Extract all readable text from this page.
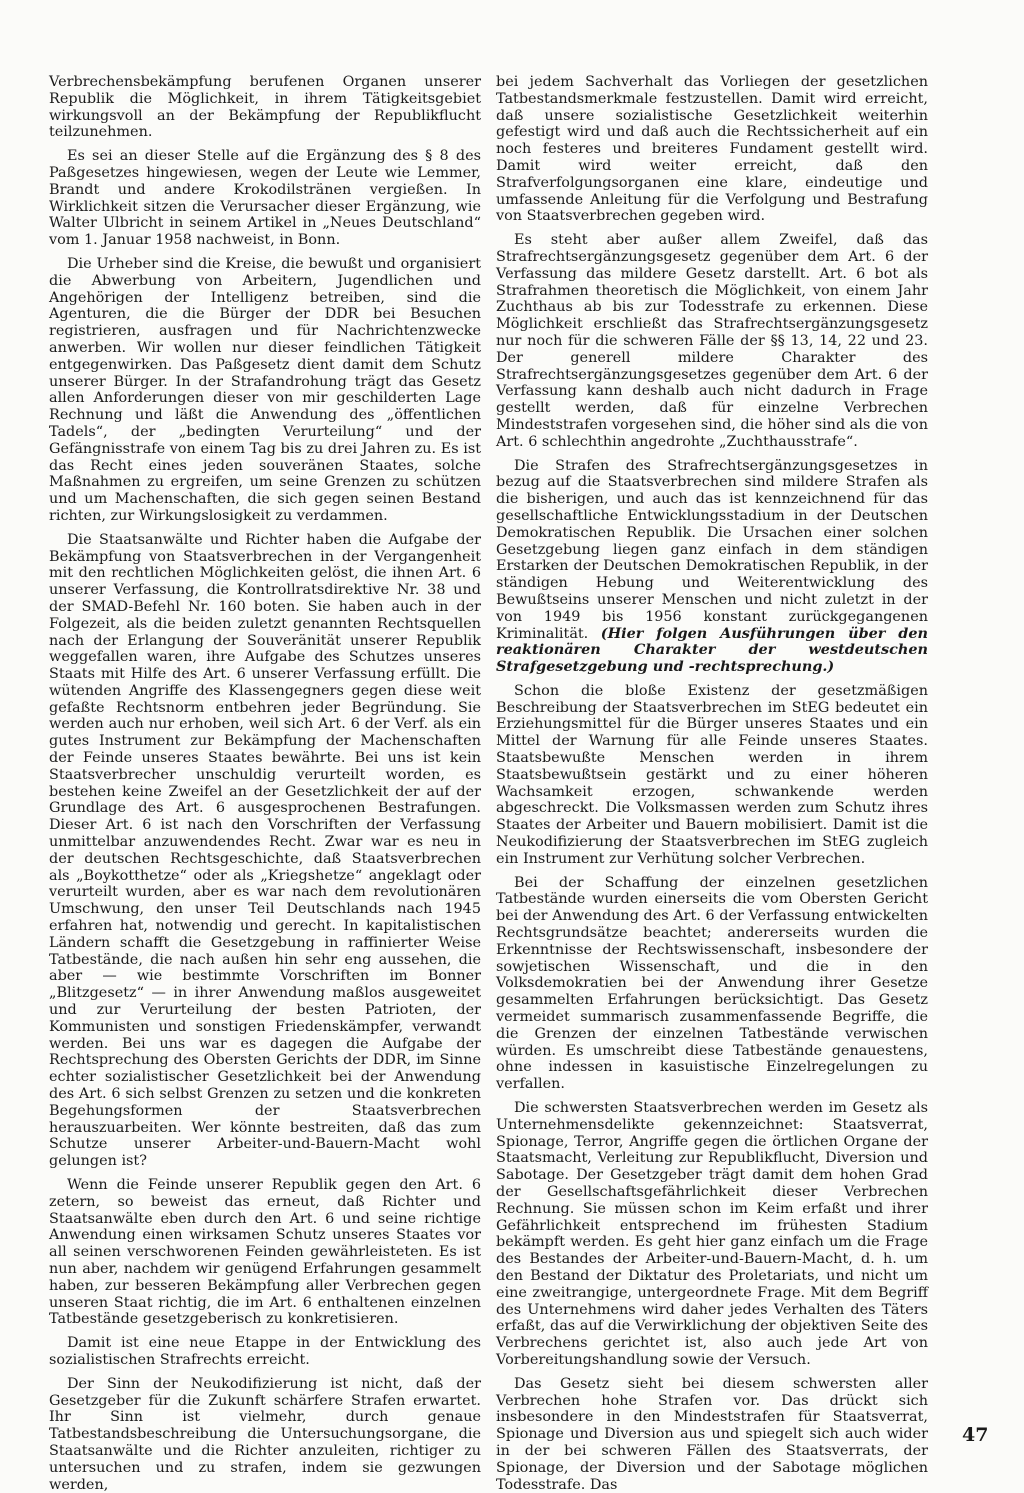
Verbrechensbekämpfung berufenen Organen unserer Republik die Möglichkeit, in ihrem Tätigkeitsgebiet wirkungsvoll an der Bekämpfung der Republikflucht teilzunehmen.

Es sei an dieser Stelle auf die Ergänzung des § 8 des Paßgesetzes hingewiesen, wegen der Leute wie Lemmer, Brandt und andere Krokodilstränen vergießen. In Wirklichkeit sitzen die Verursacher dieser Ergänzung, wie Walter Ulbricht in seinem Artikel in „Neues Deutschland“ vom 1. Januar 1958 nachweist, in Bonn.

Die Urheber sind die Kreise, die bewußt und organisiert die Abwerbung von Arbeitern, Jugendlichen und Angehörigen der Intelligenz betreiben, sind die Agenturen, die die Bürger der DDR bei Besuchen registrieren, ausfragen und für Nachrichtenzwecke anwerben. Wir wollen nur dieser feindlichen Tätigkeit entgegenwirken. Das Paßgesetz dient damit dem Schutz unserer Bürger. In der Strafandrohung trägt das Gesetz allen Anforderungen dieser von mir geschilderten Lage Rechnung und läßt die Anwendung des „öffentlichen Tadels“, der „bedingten Verurteilung“ und der Gefängnisstrafe von einem Tag bis zu drei Jahren zu. Es ist das Recht eines jeden souveränen Staates, solche Maßnahmen zu ergreifen, um seine Grenzen zu schützen und um Machenschaften, die sich gegen seinen Bestand richten, zur Wirkungslosigkeit zu verdammen.

Die Staatsanwälte und Richter haben die Aufgabe der Bekämpfung von Staatsverbrechen in der Vergangenheit mit den rechtlichen Möglichkeiten gelöst, die ihnen Art. 6 unserer Verfassung, die Kontrollratsdirektive Nr. 38 und der SMAD-Befehl Nr. 160 boten. Sie haben auch in der Folgezeit, als die beiden zuletzt genannten Rechtsquellen nach der Erlangung der Souveränität unserer Republik weggefallen waren, ihre Aufgabe des Schutzes unseres Staats mit Hilfe des Art. 6 unserer Verfassung erfüllt. Die wütenden Angriffe des Klassengegners gegen diese weit gefaßte Rechtsnorm entbehren jeder Begründung. Sie werden auch nur erhoben, weil sich Art. 6 der Verf. als ein gutes Instrument zur Bekämpfung der Machenschaften der Feinde unseres Staates bewährte. Bei uns ist kein Staatsverbrecher unschuldig verurteilt worden, es bestehen keine Zweifel an der Gesetzlichkeit der auf der Grundlage des Art. 6 ausgesprochenen Bestrafungen. Dieser Art. 6 ist nach den Vorschriften der Verfassung unmittelbar anzuwendendes Recht. Zwar war es neu in der deutschen Rechtsgeschichte, daß Staatsverbrechen als „Boykotthetze“ oder als „Kriegshetze“ angeklagt oder verurteilt wurden, aber es war nach dem revolutionären Umschwung, den unser Teil Deutschlands nach 1945 erfahren hat, notwendig und gerecht. In kapitalistischen Ländern schafft die Gesetzgebung in raffinierter Weise Tatbestände, die nach außen hin sehr eng aussehen, die aber — wie bestimmte Vorschriften im Bonner „Blitzgesetz“ — in ihrer Anwendung maßlos ausgeweitet und zur Verurteilung der besten Patrioten, der Kommunisten und sonstigen Friedenskämpfer, verwandt werden. Bei uns war es dagegen die Aufgabe der Rechtsprechung des Obersten Gerichts der DDR, im Sinne echter sozialistischer Gesetzlichkeit bei der Anwendung des Art. 6 sich selbst Grenzen zu setzen und die konkreten Begehungsformen der Staatsverbrechen herauszuarbeiten. Wer könnte bestreiten, daß das zum Schutze unserer Arbeiter-und-Bauern-Macht wohl gelungen ist?

Wenn die Feinde unserer Republik gegen den Art. 6 zetern, so beweist das erneut, daß Richter und Staatsanwälte eben durch den Art. 6 und seine richtige Anwendung einen wirksamen Schutz unseres Staates vor all seinen verschworenen Feinden gewährleisteten. Es ist nun aber, nachdem wir genügend Erfahrungen gesammelt haben, zur besseren Bekämpfung aller Verbrechen gegen unseren Staat richtig, die im Art. 6 enthaltenen einzelnen Tatbestände gesetzgeberisch zu konkretisieren.

Damit ist eine neue Etappe in der Entwicklung des sozialistischen Strafrechts erreicht.

Der Sinn der Neukodifizierung ist nicht, daß der Gesetzgeber für die Zukunft schärfere Strafen erwartet. Ihr Sinn ist vielmehr, durch genaue Tatbestandsbeschreibung die Untersuchungsorgane, die Staatsanwälte und die Richter anzuleiten, richtiger zu untersuchen und zu strafen, indem sie gezwungen werden,

bei jedem Sachverhalt das Vorliegen der gesetzlichen Tatbestandsmerkmale festzustellen. Damit wird erreicht, daß unsere sozialistische Gesetzlichkeit weiterhin gefestigt wird und daß auch die Rechtssicherheit auf ein noch festeres und breiteres Fundament gestellt wird. Damit wird weiter erreicht, daß den Strafverfolgungsorganen eine klare, eindeutige und umfassende Anleitung für die Verfolgung und Bestrafung von Staatsverbrechen gegeben wird.

Es steht aber außer allem Zweifel, daß das Strafrechtsergänzungsgesetz gegenüber dem Art. 6 der Verfassung das mildere Gesetz darstellt. Art. 6 bot als Strafrahmen theoretisch die Möglichkeit, von einem Jahr Zuchthaus ab bis zur Todesstrafe zu erkennen. Diese Möglichkeit erschließt das Strafrechtsergänzungsgesetz nur noch für die schweren Fälle der §§ 13, 14, 22 und 23. Der generell mildere Charakter des Strafrechtsergänzungsgesetzes gegenüber dem Art. 6 der Verfassung kann deshalb auch nicht dadurch in Frage gestellt werden, daß für einzelne Verbrechen Mindeststrafen vorgesehen sind, die höher sind als die von Art. 6 schlechthin angedrohte „Zuchthausstrafe“.

Die Strafen des Strafrechtsergänzungsgesetzes in bezug auf die Staatsverbrechen sind mildere Strafen als die bisherigen, und auch das ist kennzeichnend für das gesellschaftliche Entwicklungsstadium in der Deutschen Demokratischen Republik. Die Ursachen einer solchen Gesetzgebung liegen ganz einfach in dem ständigen Erstarken der Deutschen Demokratischen Republik, in der ständigen Hebung und Weiterentwicklung des Bewußtseins unserer Menschen und nicht zuletzt in der von 1949 bis 1956 konstant zurückgegangenen Kriminalität. (Hier folgen Ausführungen über den reaktionären Charakter der westdeutschen Strafgesetzgebung und -rechtsprechung.)

Schon die bloße Existenz der gesetzmäßigen Beschreibung der Staatsverbrechen im StEG bedeutet ein Erziehungsmittel für die Bürger unseres Staates und ein Mittel der Warnung für alle Feinde unseres Staates. Staatsbewußte Menschen werden in ihrem Staatsbewußtsein gestärkt und zu einer höheren Wachsamkeit erzogen, schwankende werden abgeschreckt. Die Volksmassen werden zum Schutz ihres Staates der Arbeiter und Bauern mobilisiert. Damit ist die Neukodifizierung der Staatsverbrechen im StEG zugleich ein Instrument zur Verhütung solcher Verbrechen.

Bei der Schaffung der einzelnen gesetzlichen Tatbestände wurden einerseits die vom Obersten Gericht bei der Anwendung des Art. 6 der Verfassung entwickelten Rechtsgrundsätze beachtet; andererseits wurden die Erkenntnisse der Rechtswissenschaft, insbesondere der sowjetischen Wissenschaft, und die in den Volksdemokratien bei der Anwendung ihrer Gesetze gesammelten Erfahrungen berücksichtigt. Das Gesetz vermeidet summarisch zusammenfassende Begriffe, die die Grenzen der einzelnen Tatbestände verwischen würden. Es umschreibt diese Tatbestände genauestens, ohne indessen in kasuistische Einzelregelungen zu verfallen.

Die schwersten Staatsverbrechen werden im Gesetz als Unternehmensdelikte gekennzeichnet: Staatsverrat, Spionage, Terror, Angriffe gegen die örtlichen Organe der Staatsmacht, Verleitung zur Republikflucht, Diversion und Sabotage. Der Gesetzgeber trägt damit dem hohen Grad der Gesellschaftsgefährlichkeit dieser Verbrechen Rechnung. Sie müssen schon im Keim erfaßt und ihrer Gefährlichkeit entsprechend im frühesten Stadium bekämpft werden. Es geht hier ganz einfach um die Frage des Bestandes der Arbeiter-und-Bauern-Macht, d. h. um den Bestand der Diktatur des Proletariats, und nicht um eine zweitrangige, untergeordnete Frage. Mit dem Begriff des Unternehmens wird daher jedes Verhalten des Täters erfaßt, das auf die Verwirklichung der objektiven Seite des Verbrechens gerichtet ist, also auch jede Art von Vorbereitungshandlung sowie der Versuch.

Das Gesetz sieht bei diesem schwersten aller Verbrechen hohe Strafen vor. Das drückt sich insbesondere in den Mindeststrafen für Staatsverrat, Spionage und Diversion aus und spiegelt sich auch wider in der bei schweren Fällen des Staatsverrats, der Spionage, der Diversion und der Sabotage möglichen Todesstrafe. Das

47
